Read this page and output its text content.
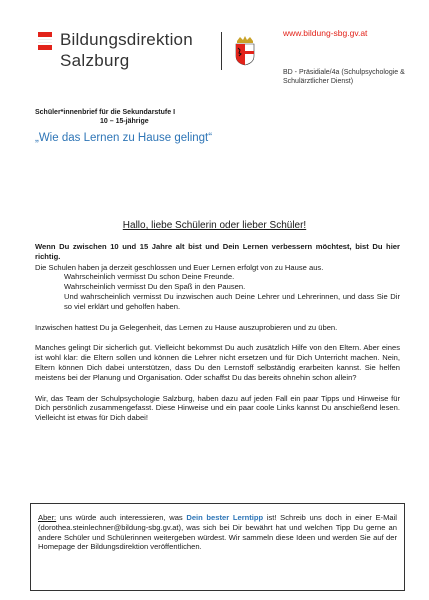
Bildungsdirektion
Salzburg
www.bildung-sbg.gv.at
BD - Präsidiale/4a (Schulpsychologie & Schulärztlicher Dienst)
Schüler*innenbrief für die Sekundarstufe I
10 – 15-jährige
„Wie das Lernen zu Hause gelingt“
Hallo, liebe Schülerin oder lieber Schüler!

Wenn Du zwischen 10 und 15 Jahre alt bist und Dein Lernen verbessern möchtest, bist Du hier richtig.

Die Schulen haben ja derzeit geschlossen und Euer Lernen erfolgt von zu Hause aus.

Wahrscheinlich vermisst Du schon Deine Freunde.

Wahrscheinlich vermisst Du den Spaß in den Pausen.

Und wahrscheinlich vermisst Du inzwischen auch Deine Lehrer und Lehrerinnen, und dass Sie Dir so viel erklärt und geholfen haben.

Inzwischen hattest Du ja Gelegenheit, das Lernen zu Hause auszuprobieren und zu üben.

Manches gelingt Dir sicherlich gut. Vielleicht bekommst Du auch zusätzlich Hilfe von den Eltern. Aber eines ist wohl klar: die Eltern sollen und können die Lehrer nicht ersetzen und für Dich Unterricht machen. Nein, Eltern können Dich dabei unterstützen, dass Du den Lernstoff selbständig erarbeiten kannst. Sie helfen meistens bei der Planung und Organisation. Oder schaffst Du das bereits ohnehin schon allein?

Wir, das Team der Schulpsychologie Salzburg, haben dazu auf jeden Fall ein paar Tipps und Hinweise für Dich persönlich zusammengefasst. Diese Hinweise und ein paar coole Links kannst Du anschießend lesen. Vielleicht ist etwas für Dich dabei!

Aber: uns würde auch interessieren, was Dein bester Lerntipp ist! Schreib uns doch in einer E-Mail (dorothea.steinlechner@bildung-sbg.gv.at), was sich bei Dir bewährt hat und welchen Tipp Du gerne an andere Schüler und Schülerinnen weitergeben würdest. Wir sammeln diese Ideen und werden Sie auf der Homepage der Bildungsdirektion veröffentlichen.
